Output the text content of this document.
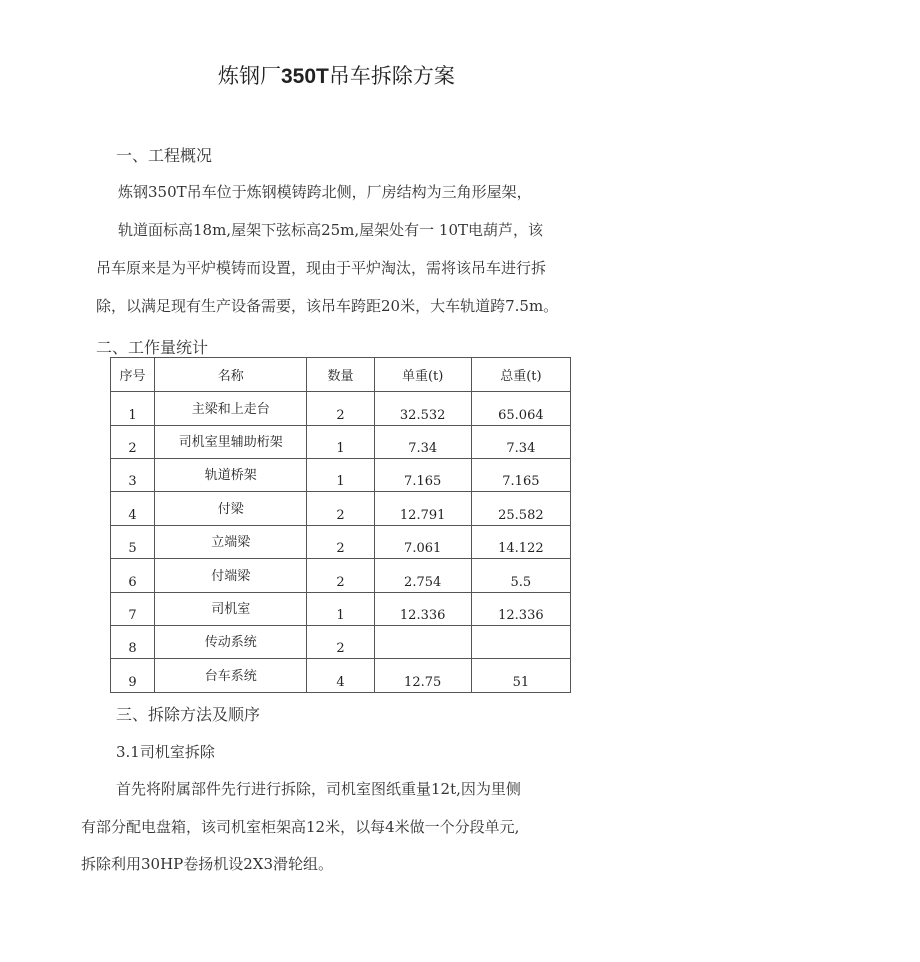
炼钢厂350T吊车拆除方案
一、工程概况
炼钢350T吊车位于炼钢模铸跨北侧，厂房结构为三角形屋架，
轨道面标高18m,屋架下弦标高25m,屋架处有一 10T电葫芦，该
吊车原来是为平炉模铸而设置，现由于平炉淘汰，需将该吊车进行拆
除，以满足现有生产设备需要，该吊车跨距20米，大车轨道跨7.5m。
二、工作量统计
序号	名称	数量	单重(t)	总重(t)
1	主梁和上走台	2	32.532	65.064
2	司机室里辅助桁架	1	7.34	7.34
3	轨道桥架	1	7.165	7.165
4	付梁	2	12.791	25.582
5	立端梁	2	7.061	14.122
6	付端梁	2	2.754	5.5
7	司机室	1	12.336	12.336
8	传动系统	2		
9	台车系统	4	12.75	51
三、拆除方法及顺序
3.1司机室拆除
首先将附属部件先行进行拆除，司机室图纸重量12t,因为里侧
有部分配电盘箱，该司机室柜架高12米，以每4米做一个分段单元,
拆除利用30HP卷扬机设2X3滑轮组。
